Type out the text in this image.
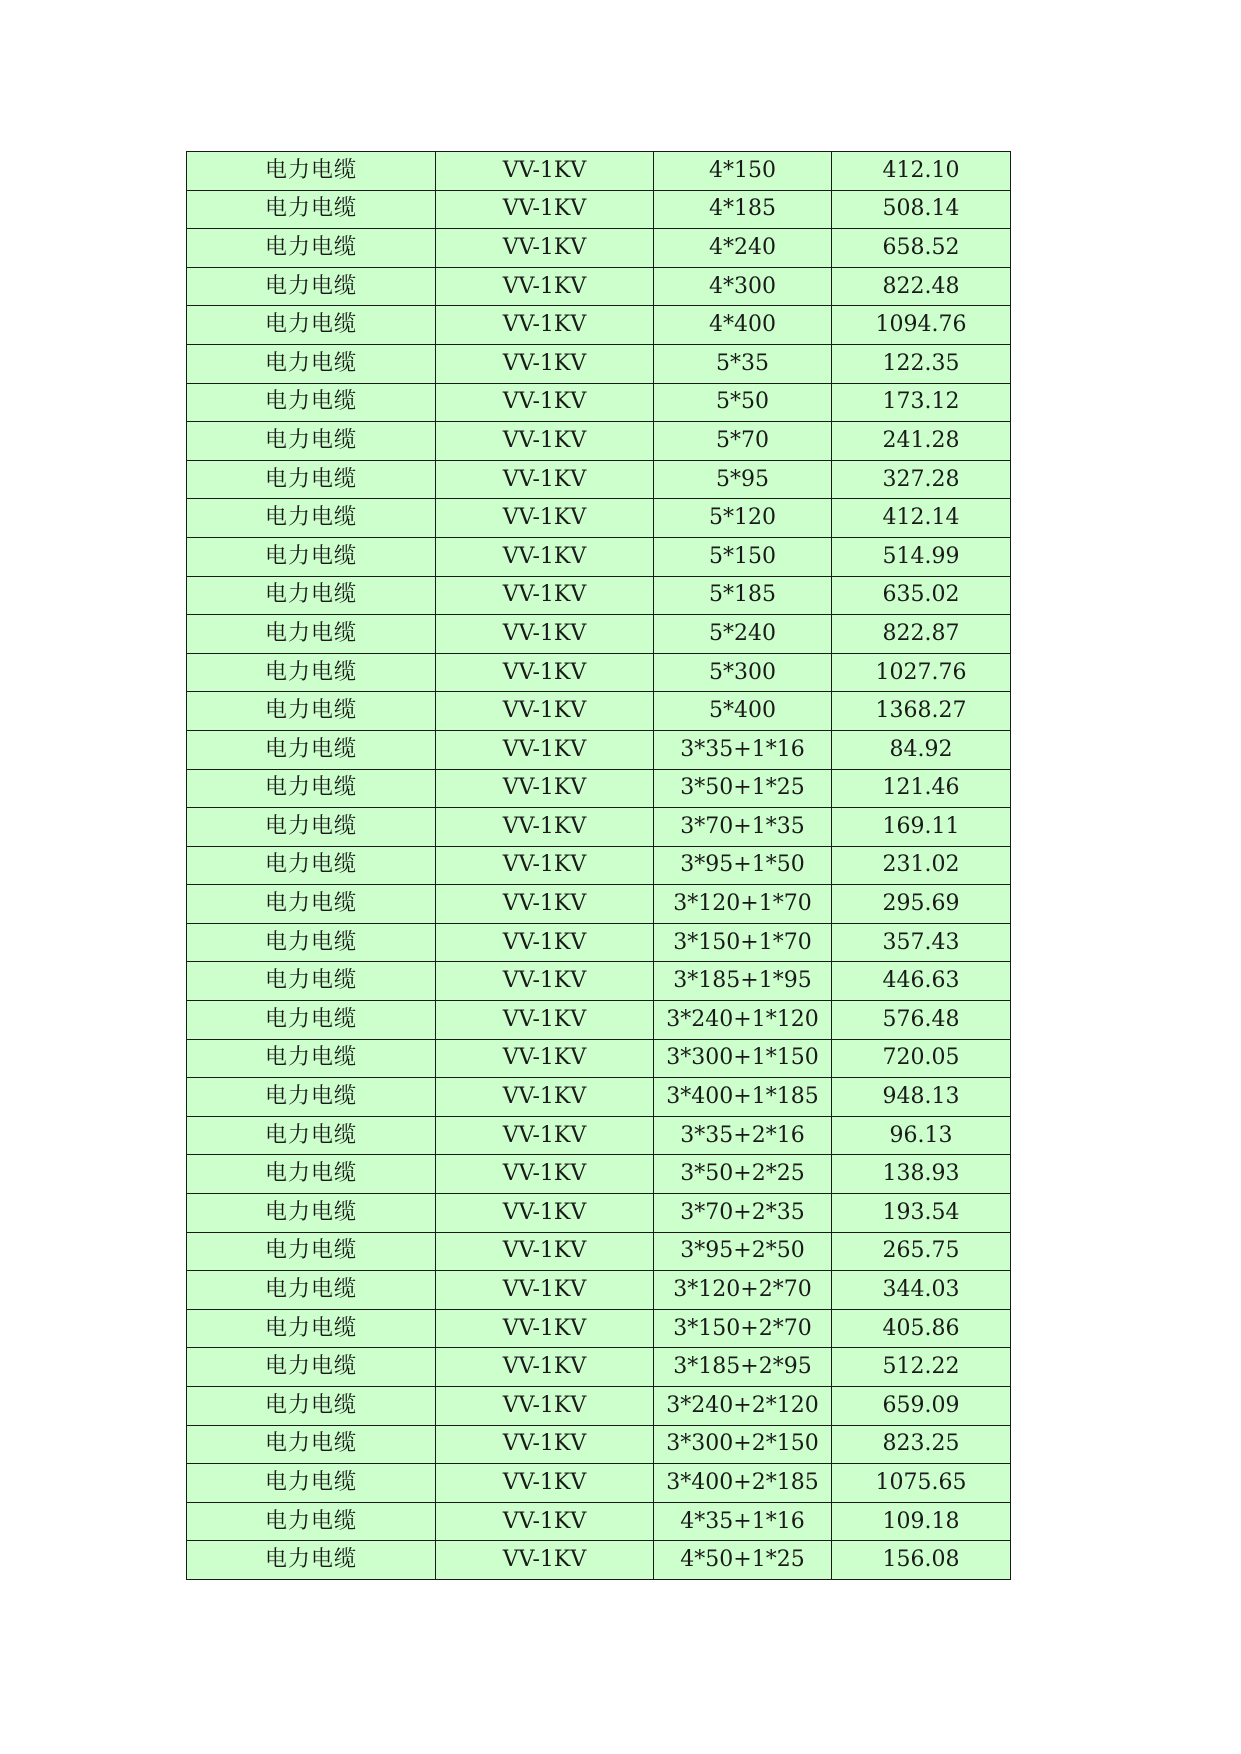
电力电缆	VV-1KV	4*150	412.10
电力电缆	VV-1KV	4*185	508.14
电力电缆	VV-1KV	4*240	658.52
电力电缆	VV-1KV	4*300	822.48
电力电缆	VV-1KV	4*400	1094.76
电力电缆	VV-1KV	5*35	122.35
电力电缆	VV-1KV	5*50	173.12
电力电缆	VV-1KV	5*70	241.28
电力电缆	VV-1KV	5*95	327.28
电力电缆	VV-1KV	5*120	412.14
电力电缆	VV-1KV	5*150	514.99
电力电缆	VV-1KV	5*185	635.02
电力电缆	VV-1KV	5*240	822.87
电力电缆	VV-1KV	5*300	1027.76
电力电缆	VV-1KV	5*400	1368.27
电力电缆	VV-1KV	3*35+1*16	84.92
电力电缆	VV-1KV	3*50+1*25	121.46
电力电缆	VV-1KV	3*70+1*35	169.11
电力电缆	VV-1KV	3*95+1*50	231.02
电力电缆	VV-1KV	3*120+1*70	295.69
电力电缆	VV-1KV	3*150+1*70	357.43
电力电缆	VV-1KV	3*185+1*95	446.63
电力电缆	VV-1KV	3*240+1*120	576.48
电力电缆	VV-1KV	3*300+1*150	720.05
电力电缆	VV-1KV	3*400+1*185	948.13
电力电缆	VV-1KV	3*35+2*16	96.13
电力电缆	VV-1KV	3*50+2*25	138.93
电力电缆	VV-1KV	3*70+2*35	193.54
电力电缆	VV-1KV	3*95+2*50	265.75
电力电缆	VV-1KV	3*120+2*70	344.03
电力电缆	VV-1KV	3*150+2*70	405.86
电力电缆	VV-1KV	3*185+2*95	512.22
电力电缆	VV-1KV	3*240+2*120	659.09
电力电缆	VV-1KV	3*300+2*150	823.25
电力电缆	VV-1KV	3*400+2*185	1075.65
电力电缆	VV-1KV	4*35+1*16	109.18
电力电缆	VV-1KV	4*50+1*25	156.08
